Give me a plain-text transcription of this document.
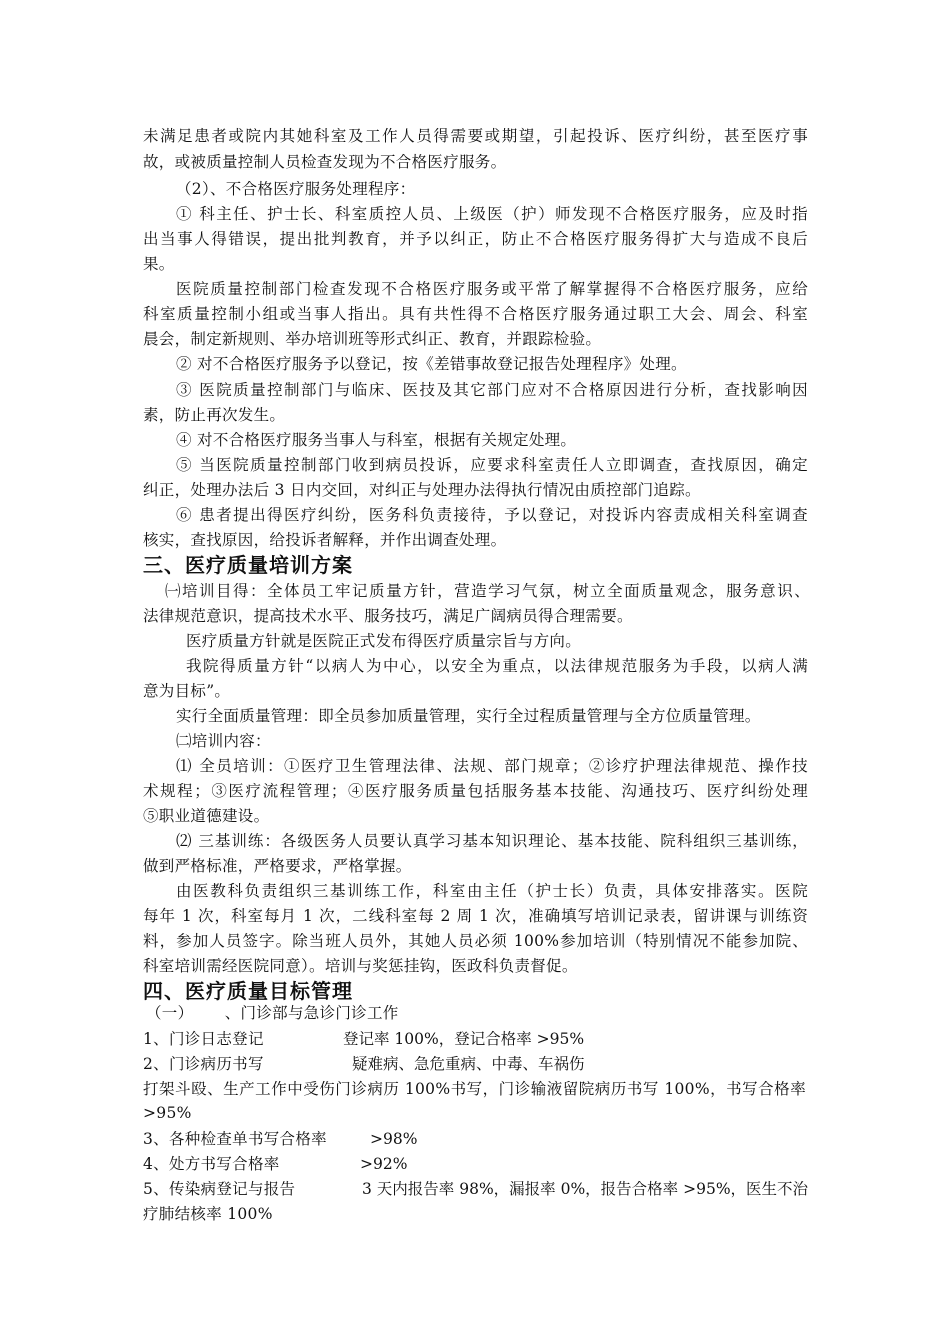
未满足患者或院内其她科室及工作人员得需要或期望，引起投诉、医疗纠纷，甚至医疗事
故，或被质量控制人员检查发现为不合格医疗服务。
（2）、不合格医疗服务处理程序：
① 科主任、护士长、科室质控人员、上级医（护）师发现不合格医疗服务，应及时指
出当事人得错误，提出批判教育，并予以纠正，防止不合格医疗服务得扩大与造成不良后
果。
医院质量控制部门检查发现不合格医疗服务或平常了解掌握得不合格医疗服务，应给
科室质量控制小组或当事人指出。具有共性得不合格医疗服务通过职工大会、周会、科室
晨会，制定新规则、举办培训班等形式纠正、教育，并跟踪检验。
② 对不合格医疗服务予以登记，按《差错事故登记报告处理程序》处理。
③ 医院质量控制部门与临床、医技及其它部门应对不合格原因进行分析，查找影响因
素，防止再次发生。
④ 对不合格医疗服务当事人与科室，根据有关规定处理。
⑤ 当医院质量控制部门收到病员投诉，应要求科室责任人立即调查，查找原因，确定
纠正，处理办法后 3 日内交回，对纠正与处理办法得执行情况由质控部门追踪。
⑥ 患者提出得医疗纠纷，医务科负责接待，予以登记，对投诉内容责成相关科室调查
核实，查找原因，给投诉者解释，并作出调查处理。
三、医疗质量培训方案
㈠培训目得：全体员工牢记质量方针，营造学习气氛，树立全面质量观念，服务意识、
法律规范意识，提高技术水平、服务技巧，满足广阔病员得合理需要。
医疗质量方针就是医院正式发布得医疗质量宗旨与方向。
我院得质量方针“以病人为中心，以安全为重点，以法律规范服务为手段，以病人满
意为目标”。
实行全面质量管理：即全员参加质量管理，实行全过程质量管理与全方位质量管理。
㈡培训内容：
⑴ 全员培训：①医疗卫生管理法律、法规、部门规章；②诊疗护理法律规范、操作技
术规程；③医疗流程管理；④医疗服务质量包括服务基本技能、沟通技巧、医疗纠纷处理
⑤职业道德建设。
⑵ 三基训练：各级医务人员要认真学习基本知识理论、基本技能、院科组织三基训练，
做到严格标准，严格要求，严格掌握。
由医教科负责组织三基训练工作，科室由主任（护士长）负责，具体安排落实。医院
每年 1 次，科室每月 1 次，二线科室每 2 周 1 次，准确填写培训记录表，留讲课与训练资
料，参加人员签字。除当班人员外，其她人员必须 100%参加培训（特别情况不能参加院、
科室培训需经医院同意）。培训与奖惩挂钩，医政科负责督促。
四、医疗质量目标管理
（一）      、门诊部与急诊门诊工作
1、门诊日志登记	登记率 100%，登记合格率 >95%
2、门诊病历书写	疑难病、急危重病、中毒、车祸伤
打架斗殴、生产工作中受伤门诊病历 100%书写，门诊输液留院病历书写 100%，书写合格率
>95%
3、各种检查单书写合格率	>98%
4、处方书写合格率	>92%
5、传染病登记与报告	3 天内报告率 98%，漏报率 0%，报告合格率 >95%，医生不治
疗肺结核率 100%
